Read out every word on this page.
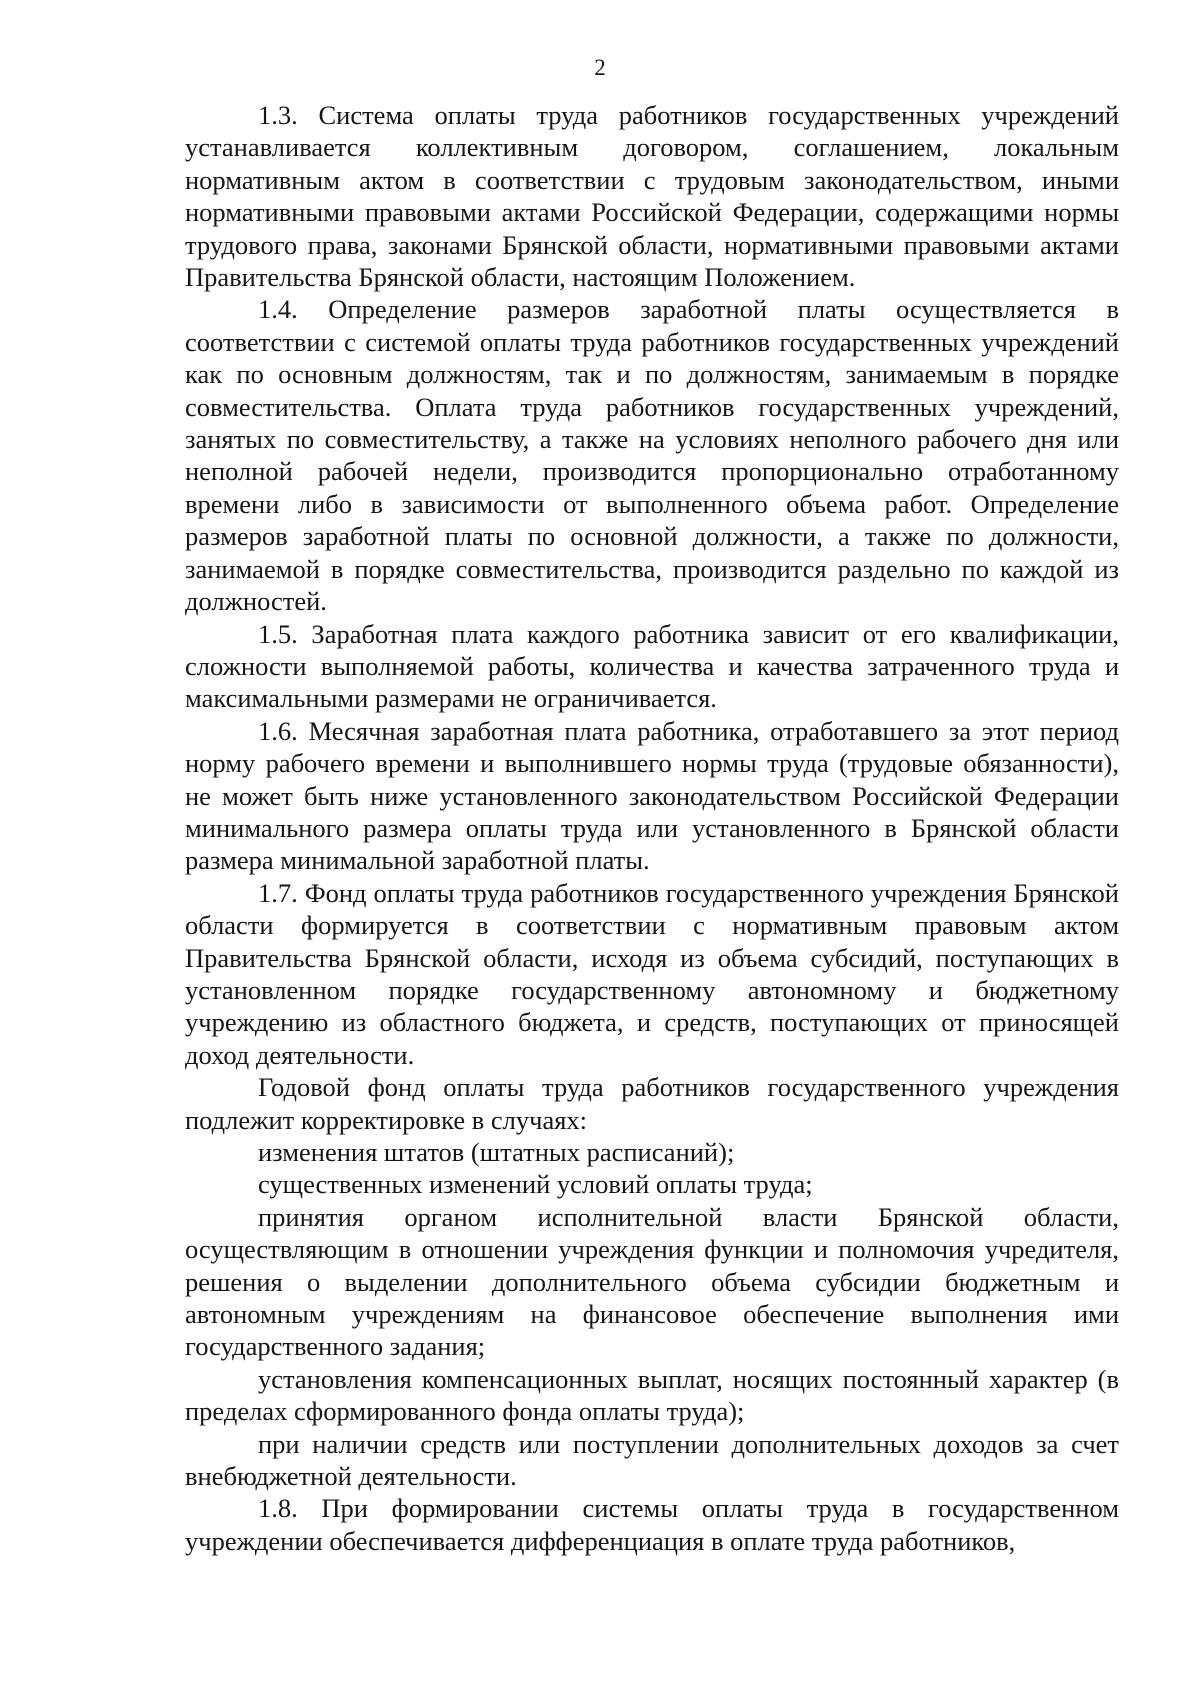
2

1.3. Система оплаты труда работников государственных учреждений устанавливается коллективным договором, соглашением, локальным нормативным актом в соответствии с трудовым законодательством, иными нормативными правовыми актами Российской Федерации, содержащими нормы трудового права, законами Брянской области, нормативными правовыми актами Правительства Брянской области, настоящим Положением.

1.4. Определение размеров заработной платы осуществляется в соответствии с системой оплаты труда работников государственных учреждений как по основным должностям, так и по должностям, занимаемым в порядке совместительства. Оплата труда работников государственных учреждений, занятых по совместительству, а также на условиях неполного рабочего дня или неполной рабочей недели, производится пропорционально отработанному времени либо в зависимости от выполненного объема работ. Определение размеров заработной платы по основной должности, а также по должности, занимаемой в порядке совместительства, производится раздельно по каждой из должностей.

1.5. Заработная плата каждого работника зависит от его квалификации, сложности выполняемой работы, количества и качества затраченного труда и максимальными размерами не ограничивается.

1.6. Месячная заработная плата работника, отработавшего за этот период норму рабочего времени и выполнившего нормы труда (трудовые обязанности), не может быть ниже установленного законодательством Российской Федерации минимального размера оплаты труда или установленного в Брянской области размера минимальной заработной платы.

1.7. Фонд оплаты труда работников государственного учреждения Брянской области формируется в соответствии с нормативным правовым актом Правительства Брянской области, исходя из объема субсидий, поступающих в установленном порядке государственному автономному и бюджетному учреждению из областного бюджета, и средств, поступающих от приносящей доход деятельности.

Годовой фонд оплаты труда работников государственного учреждения подлежит корректировке в случаях:

изменения штатов (штатных расписаний);

существенных изменений условий оплаты труда;

принятия органом исполнительной власти Брянской области, осуществляющим в отношении учреждения функции и полномочия учредителя, решения о выделении дополнительного объема субсидии бюджетным и автономным учреждениям на финансовое обеспечение выполнения ими государственного задания;

установления компенсационных выплат, носящих постоянный характер (в пределах сформированного фонда оплаты труда);

при наличии средств или поступлении дополнительных доходов за счет внебюджетной деятельности.

1.8. При формировании системы оплаты труда в государственном учреждении обеспечивается дифференциация в оплате труда работников,
